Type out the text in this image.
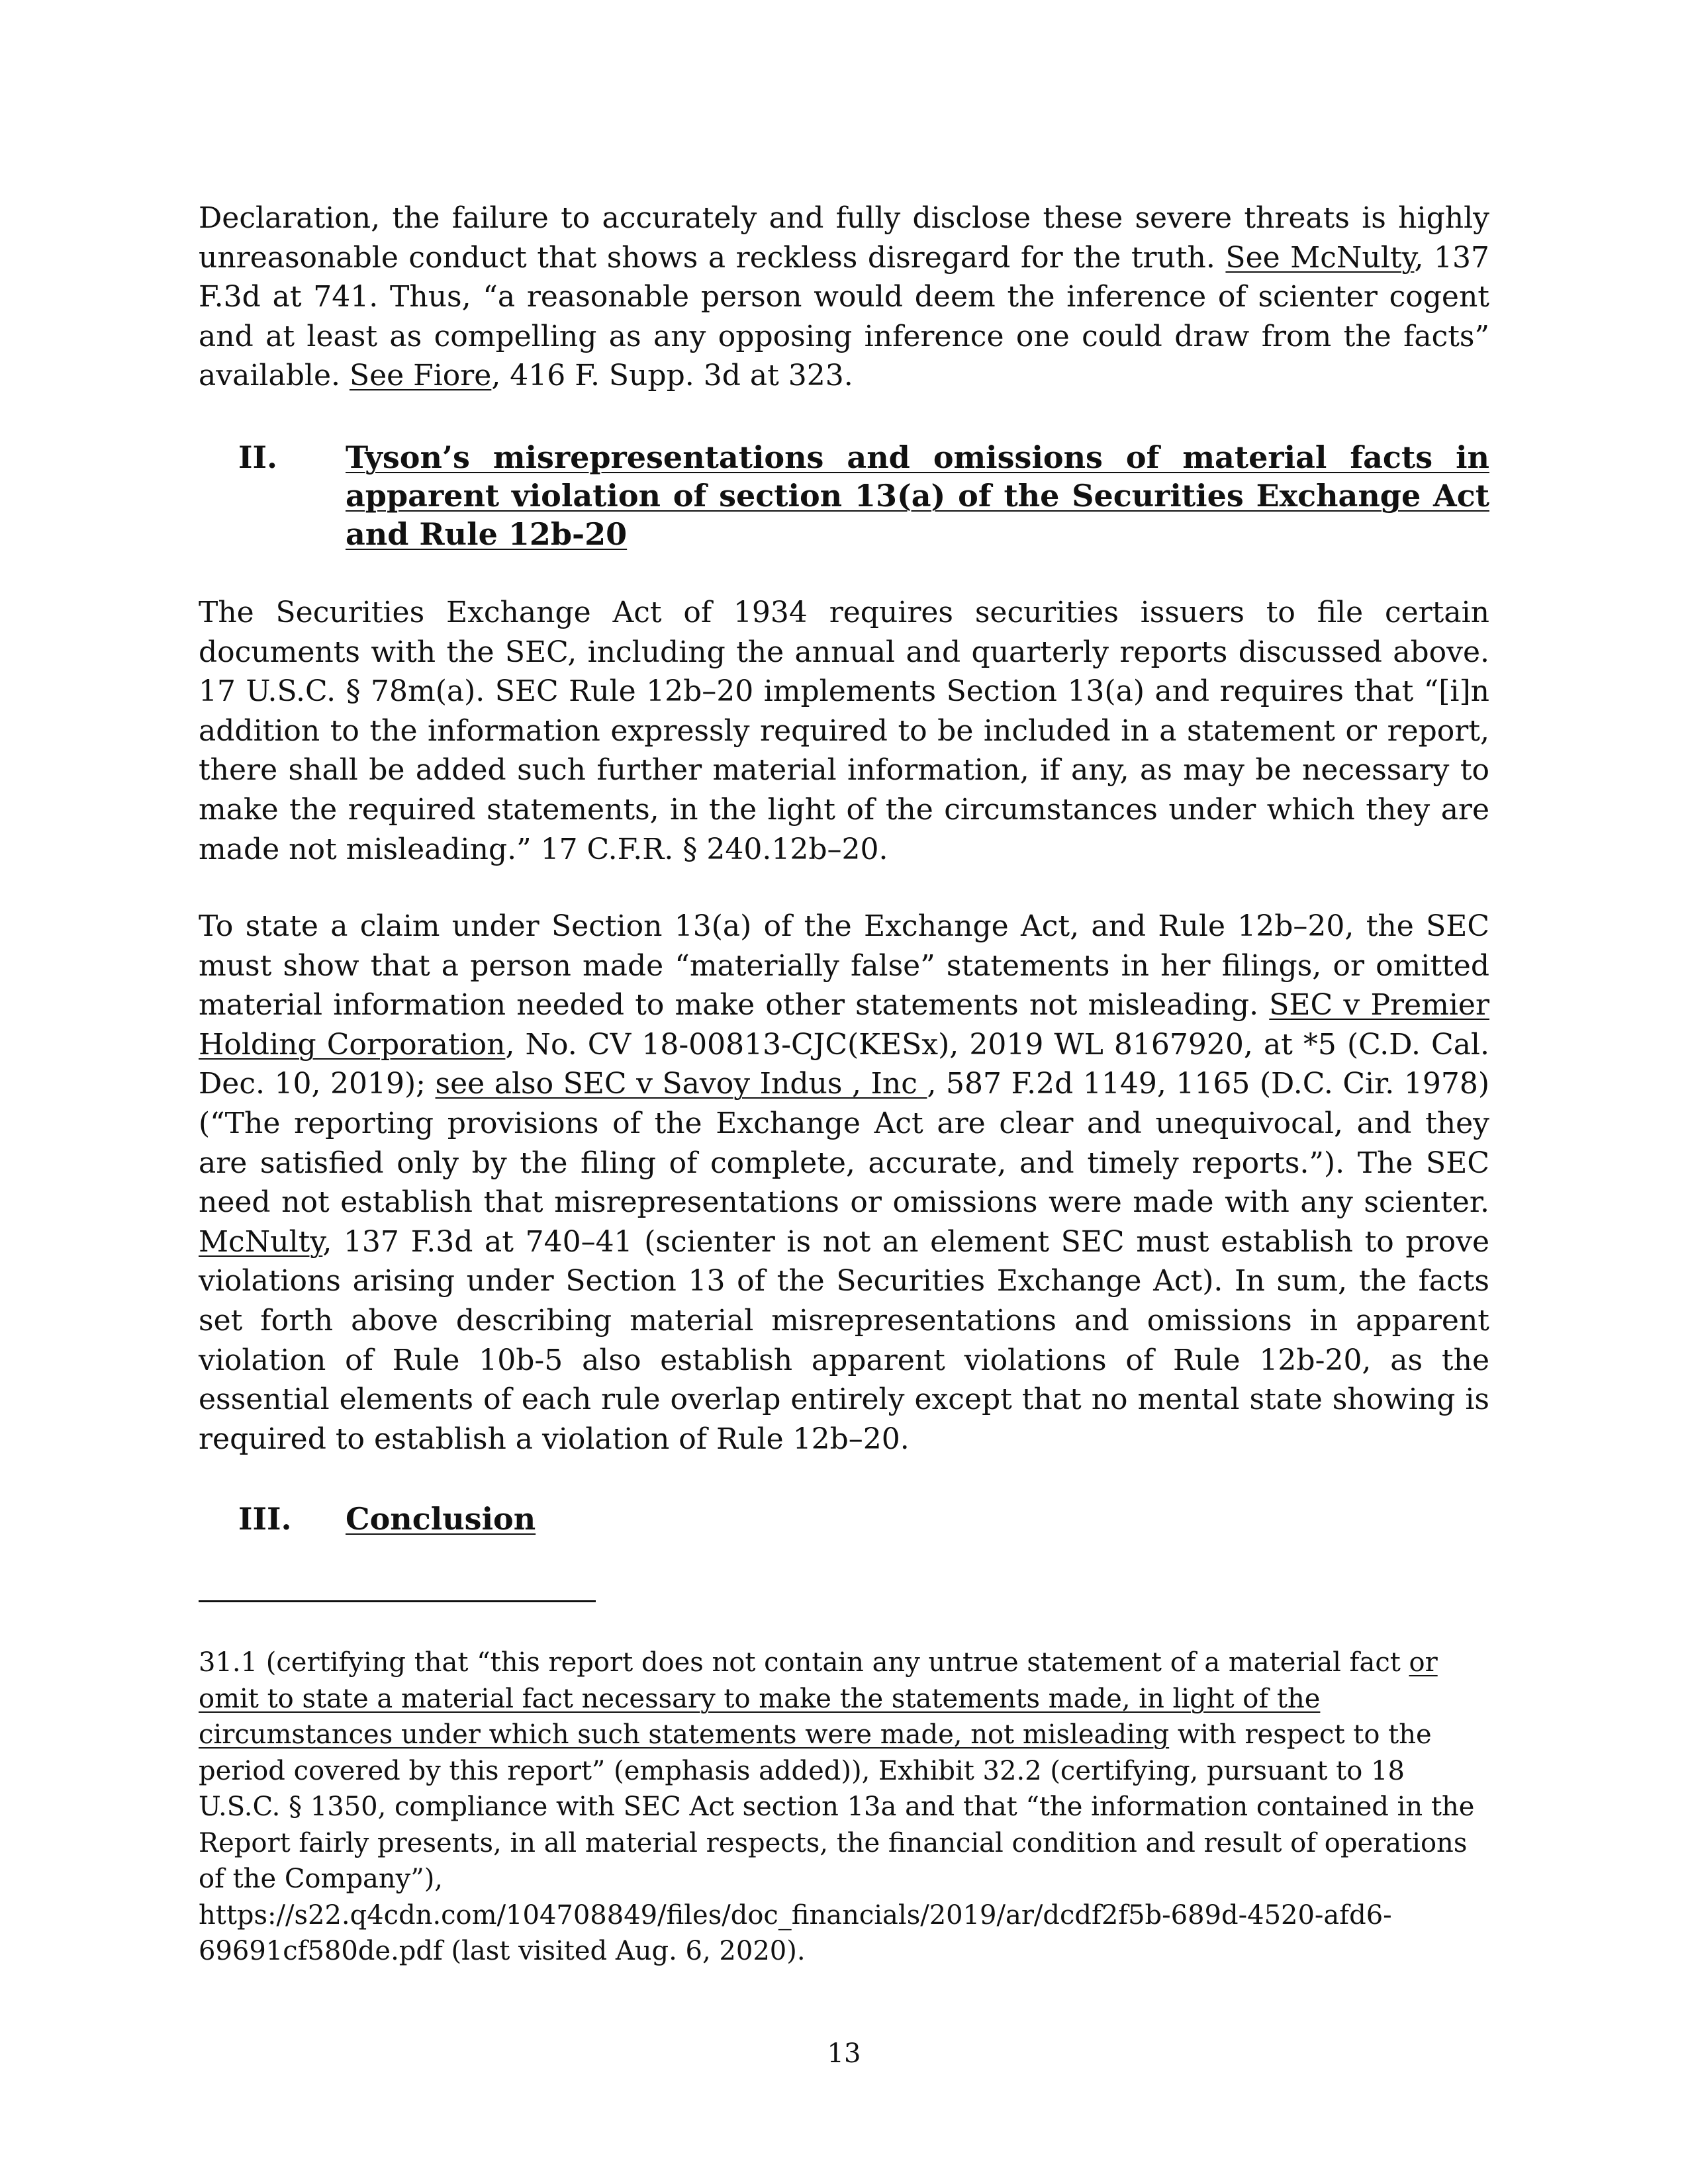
Declaration, the failure to accurately and fully disclose these severe threats is highly unreasonable conduct that shows a reckless disregard for the truth. See McNulty, 137 F.3d at 741. Thus, “a reasonable person would deem the inference of scienter cogent and at least as compelling as any opposing inference one could draw from the facts” available. See Fiore, 416 F. Supp. 3d at 323.

II.	Tyson’s misrepresentations and omissions of material facts in apparent violation of section 13(a) of the Securities Exchange Act and Rule 12b-20

The Securities Exchange Act of 1934 requires securities issuers to file certain documents with the SEC, including the annual and quarterly reports discussed above. 17 U.S.C. § 78m(a). SEC Rule 12b–20 implements Section 13(a) and requires that “[i]n addition to the information expressly required to be included in a statement or report, there shall be added such further material information, if any, as may be necessary to make the required statements, in the light of the circumstances under which they are made not misleading.” 17 C.F.R. § 240.12b–20.

To state a claim under Section 13(a) of the Exchange Act, and Rule 12b–20, the SEC must show that a person made “materially false” statements in her filings, or omitted material information needed to make other statements not misleading. SEC v Premier Holding Corporation, No. CV 18-00813-CJC(KESx), 2019 WL 8167920, at *5 (C.D. Cal. Dec. 10, 2019); see also SEC v Savoy Indus , Inc , 587 F.2d 1149, 1165 (D.C. Cir. 1978) (“The reporting provisions of the Exchange Act are clear and unequivocal, and they are satisfied only by the filing of complete, accurate, and timely reports.”). The SEC need not establish that misrepresentations or omissions were made with any scienter. McNulty, 137 F.3d at 740–41 (scienter is not an element SEC must establish to prove violations arising under Section 13 of the Securities Exchange Act). In sum, the facts set forth above describing material misrepresentations and omissions in apparent violation of Rule 10b-5 also establish apparent violations of Rule 12b-20, as the essential elements of each rule overlap entirely except that no mental state showing is required to establish a violation of Rule 12b–20.

III.	Conclusion

31.1 (certifying that “this report does not contain any untrue statement of a material fact or omit to state a material fact necessary to make the statements made, in light of the circumstances under which such statements were made, not misleading with respect to the period covered by this report” (emphasis added)), Exhibit 32.2 (certifying, pursuant to 18 U.S.C. § 1350, compliance with SEC Act section 13a and that “the information contained in the Report fairly presents, in all material respects, the financial condition and result of operations of the Company”),

https://s22.q4cdn.com/104708849/files/doc_financials/2019/ar/dcdf2f5b-689d-4520-afd6-69691cf580de.pdf (last visited Aug. 6, 2020).

13
